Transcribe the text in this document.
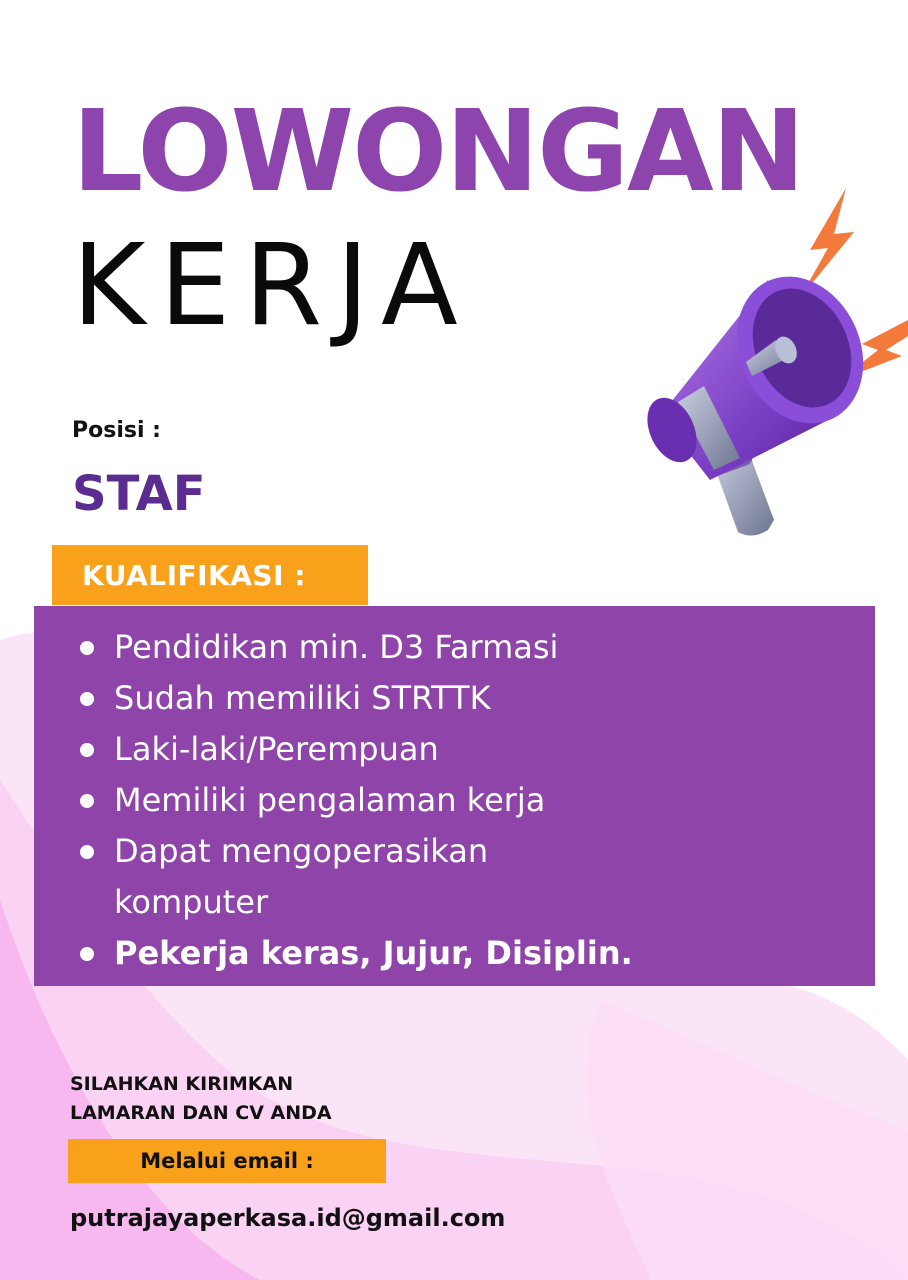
LOWONGAN
KERJA
Posisi :
STAF
KUALIFIKASI :
Pendidikan min. D3 Farmasi
Sudah memiliki STRTTK
Laki-laki/Perempuan
Memiliki pengalaman kerja
Dapat mengoperasikan komputer
Pekerja keras, Jujur, Disiplin.
SILAHKAN KIRIMKAN
LAMARAN DAN CV ANDA
Melalui email :
putrajayaperkasa.id@gmail.com
